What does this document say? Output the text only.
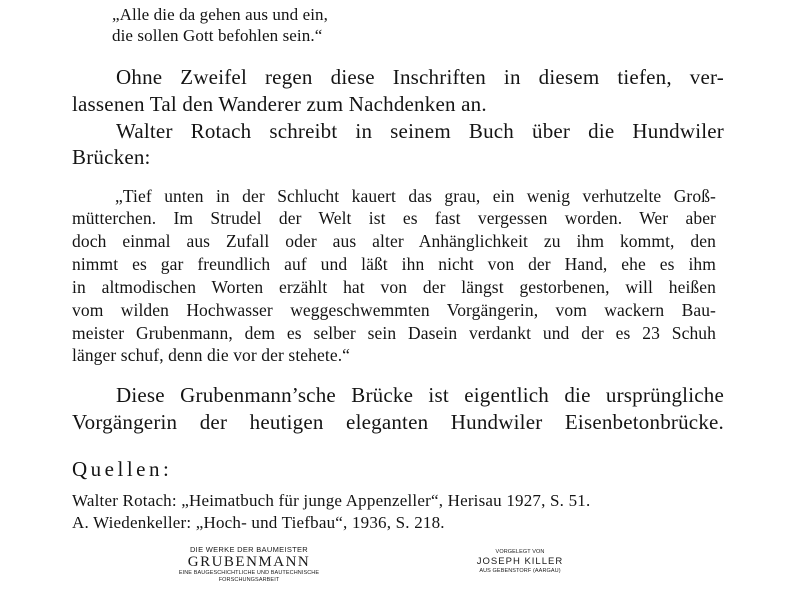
„Alle die da gehen aus und ein,
die sollen Gott befohlen sein.“
Ohne Zweifel regen diese Inschriften in diesem tiefen, ver-
lassenen Tal den Wanderer zum Nachdenken an.
Walter Rotach schreibt in seinem Buch über die Hundwiler
Brücken:
„Tief unten in der Schlucht kauert das grau, ein wenig verhutzelte Groß-
mütterchen. Im Strudel der Welt ist es fast vergessen worden. Wer aber
doch einmal aus Zufall oder aus alter Anhänglichkeit zu ihm kommt, den
nimmt es gar freundlich auf und läßt ihn nicht von der Hand, ehe es ihm
in altmodischen Worten erzählt hat von der längst gestorbenen, will heißen
vom wilden Hochwasser weggeschwemmten Vorgängerin, vom wackern Bau-
meister Grubenmann, dem es selber sein Dasein verdankt und der es 23 Schuh
länger schuf, denn die vor der stehete.“
Diese Grubenmann’sche Brücke ist eigentlich die ursprüngliche
Vorgängerin der heutigen eleganten Hundwiler Eisenbetonbrücke.
Quellen:
Walter Rotach: „Heimatbuch für junge Appenzeller“, Herisau 1927, S. 51.
A. Wiedenkeller: „Hoch- und Tiefbau“, 1936, S. 218.
DIE WERKE DER BAUMEISTER
GRUBENMANN
EINE BAUGESCHICHTLICHE UND BAUTECHNISCHE
FORSCHUNGSARBEIT
VORGELEGT VON
JOSEPH KILLER
AUS GEBENSTORF (AARGAU)
